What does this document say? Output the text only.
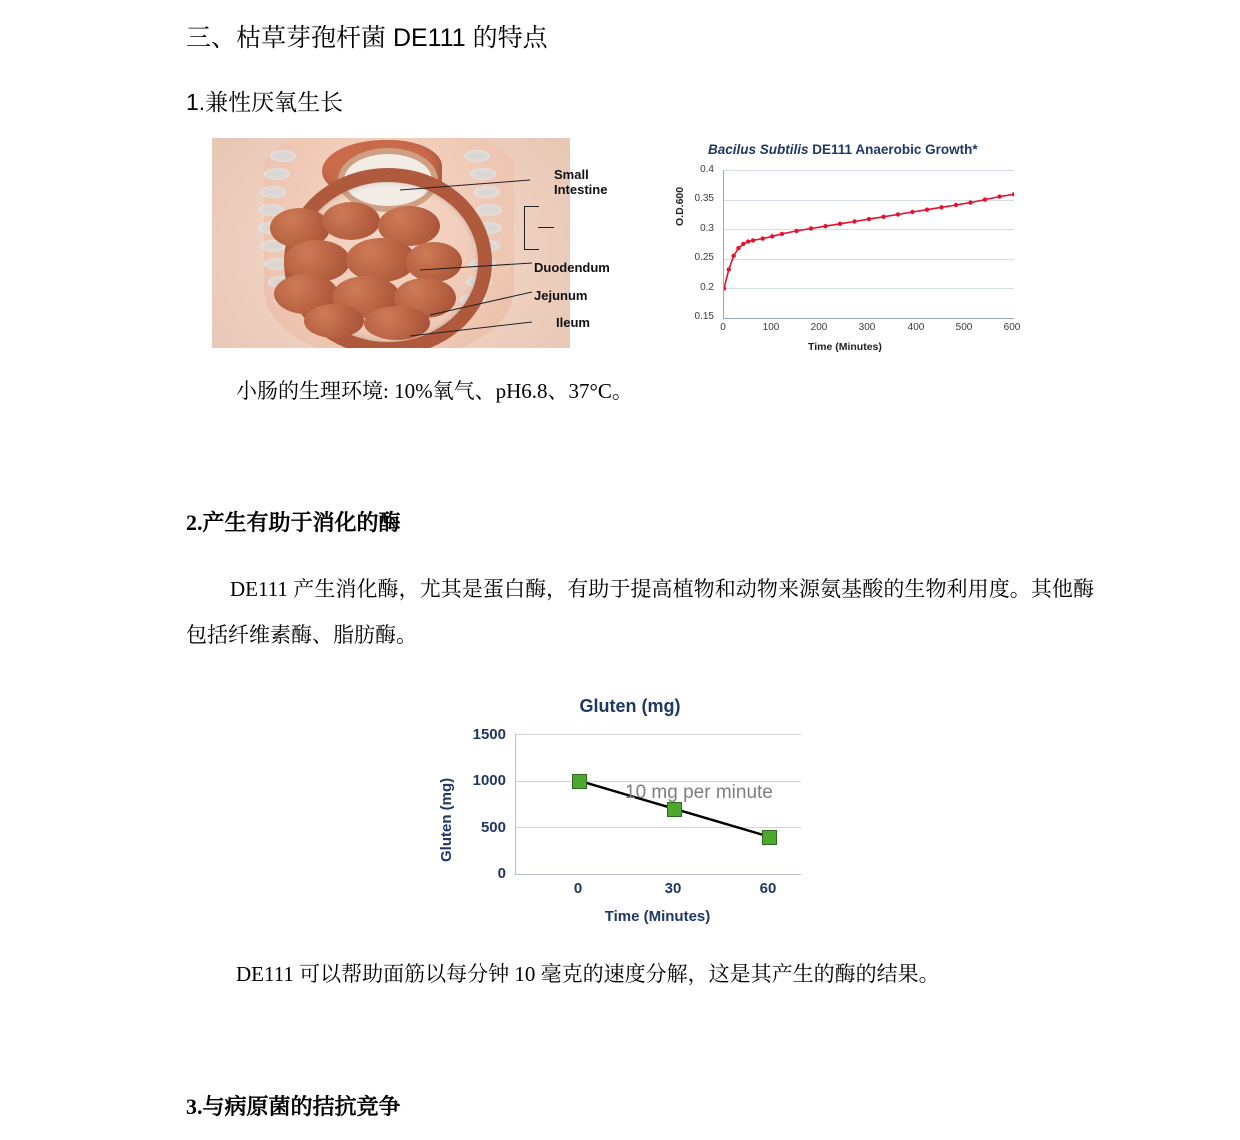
三、枯草芽孢杆菌 DE111 的特点
1.兼性厌氧生长
Small
Intestine
Duodendum
Jejunum
Ileum
Bacilus Subtilis DE111 Anaerobic Growth*
0.4
0.35
0.3
0.25
0.2
0.15
0	100	200	300	400	500	600
Time (Minutes)
O.D.600
小肠的生理环境: 10%氧气、pH6.8、37°C。
2.产生有助于消化的酶
DE111 产生消化酶，尤其是蛋白酶，有助于提高植物和动物来源氨基酸的生物利用度。其他酶包括纤维素酶、脂肪酶。
Gluten (mg)
1500
1000
500
0
10 mg per minute
0	30	60
Gluten (mg)
Time (Minutes)
DE111 可以帮助面筋以每分钟 10 毫克的速度分解，这是其产生的酶的结果。
3.与病原菌的拮抗竞争
